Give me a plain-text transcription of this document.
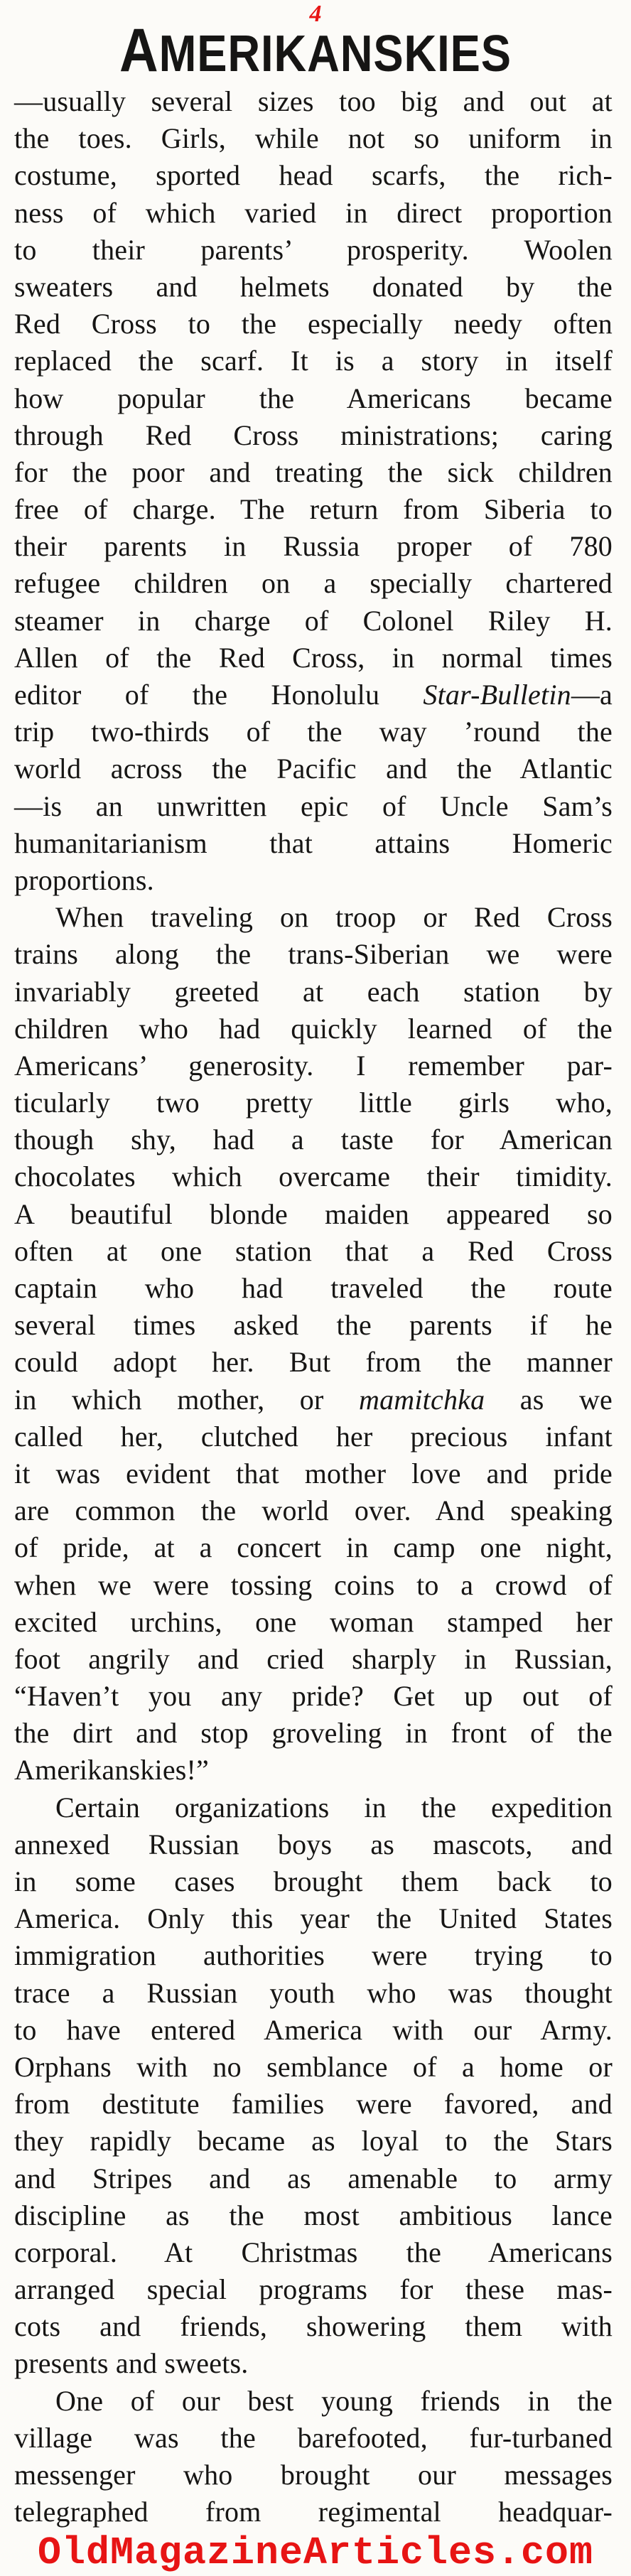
4
AMERIKANSKIES
—usually several sizes too big and out at
the toes. Girls, while not so uniform in
costume, sported head scarfs, the rich-
ness of which varied in direct proportion
to their parents’ prosperity. Woolen
sweaters and helmets donated by the
Red Cross to the especially needy often
replaced the scarf. It is a story in itself
how popular the Americans became
through Red Cross ministrations; caring
for the poor and treating the sick children
free of charge. The return from Siberia to
their parents in Russia proper of 780
refugee children on a specially chartered
steamer in charge of Colonel Riley H.
Allen of the Red Cross, in normal times
editor of the Honolulu Star-Bulletin—a
trip two-thirds of the way ’round the
world across the Pacific and the Atlantic
—is an unwritten epic of Uncle Sam’s
humanitarianism that attains Homeric
proportions.
When traveling on troop or Red Cross
trains along the trans-Siberian we were
invariably greeted at each station by
children who had quickly learned of the
Americans’ generosity. I remember par-
ticularly two pretty little girls who,
though shy, had a taste for American
chocolates which overcame their timidity.
A beautiful blonde maiden appeared so
often at one station that a Red Cross
captain who had traveled the route
several times asked the parents if he
could adopt her. But from the manner
in which mother, or mamitchka as we
called her, clutched her precious infant
it was evident that mother love and pride
are common the world over. And speaking
of pride, at a concert in camp one night,
when we were tossing coins to a crowd of
excited urchins, one woman stamped her
foot angrily and cried sharply in Russian,
“Haven’t you any pride? Get up out of
the dirt and stop groveling in front of the
Amerikanskies!”
Certain organizations in the expedition
annexed Russian boys as mascots, and
in some cases brought them back to
America. Only this year the United States
immigration authorities were trying to
trace a Russian youth who was thought
to have entered America with our Army.
Orphans with no semblance of a home or
from destitute families were favored, and
they rapidly became as loyal to the Stars
and Stripes and as amenable to army
discipline as the most ambitious lance
corporal. At Christmas the Americans
arranged special programs for these mas-
cots and friends, showering them with
presents and sweets.
One of our best young friends in the
village was the barefooted, fur-turbaned
messenger who brought our messages
telegraphed from regimental headquar-
OldMagazineArticles.com
